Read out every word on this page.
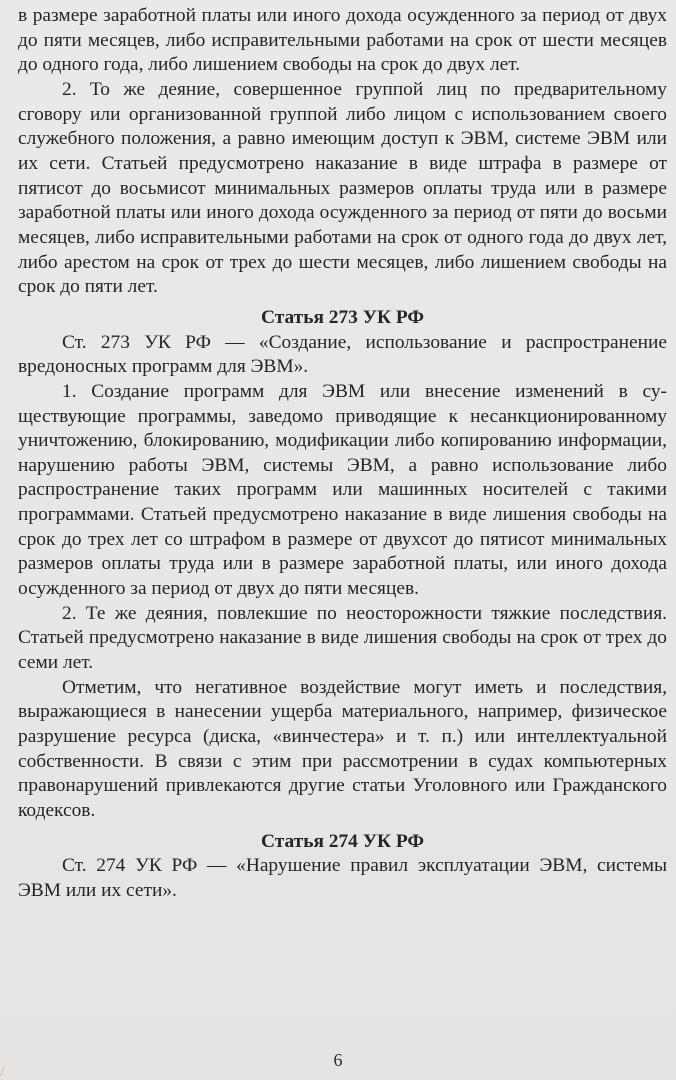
в размере заработной платы или иного дохода осужденного за период от двух до пяти месяцев, либо исправительными работами на срок от шести месяцев до одного года, либо лишением свободы на срок до двух лет.

2. То же деяние, совершенное группой лиц по предварительному сговору или организованной группой либо лицом с использованием своего служебного положения, а равно имеющим доступ к ЭВМ, системе ЭВМ или их сети. Статьей предусмотрено наказание в виде штрафа в размере от пятисот до восьмисот минимальных размеров оплаты труда или в размере заработной платы или иного дохода осужденного за период от пяти до восьми месяцев, либо исправительными работами на срок от одного года до двух лет, либо арестом на срок от трех до шести месяцев, либо лишением свободы на срок до пяти лет.

Статья 273 УК РФ

Ст. 273 УК РФ — «Создание, использование и распространение вредоносных программ для ЭВМ».

1. Создание программ для ЭВМ или внесение изменений в существующие программы, заведомо приводящие к несанкционированному уничтожению, блокированию, модификации либо копированию информации, нарушению работы ЭВМ, системы ЭВМ, а равно использование либо распространение таких программ или машинных носителей с такими программами. Статьей предусмотрено наказание в виде лишения свободы на срок до трех лет со штрафом в размере от двухсот до пятисот минимальных размеров оплаты труда или в размере заработной платы, или иного дохода осужденного за период от двух до пяти месяцев.

2. Те же деяния, повлекшие по неосторожности тяжкие последствия. Статьей предусмотрено наказание в виде лишения свободы на срок от трех до семи лет.

Отметим, что негативное воздействие могут иметь и последствия, выражающиеся в нанесении ущерба материального, например, физическое разрушение ресурса (диска, «винчестера» и т. п.) или интеллектуальной собственности. В связи с этим при рассмотрении в судах компьютерных правонарушений привлекаются другие статьи Уголовного или Гражданского кодексов.

Статья 274 УК РФ

Ст. 274 УК РФ — «Нарушение правил эксплуатации ЭВМ, системы ЭВМ или их сети».

6
